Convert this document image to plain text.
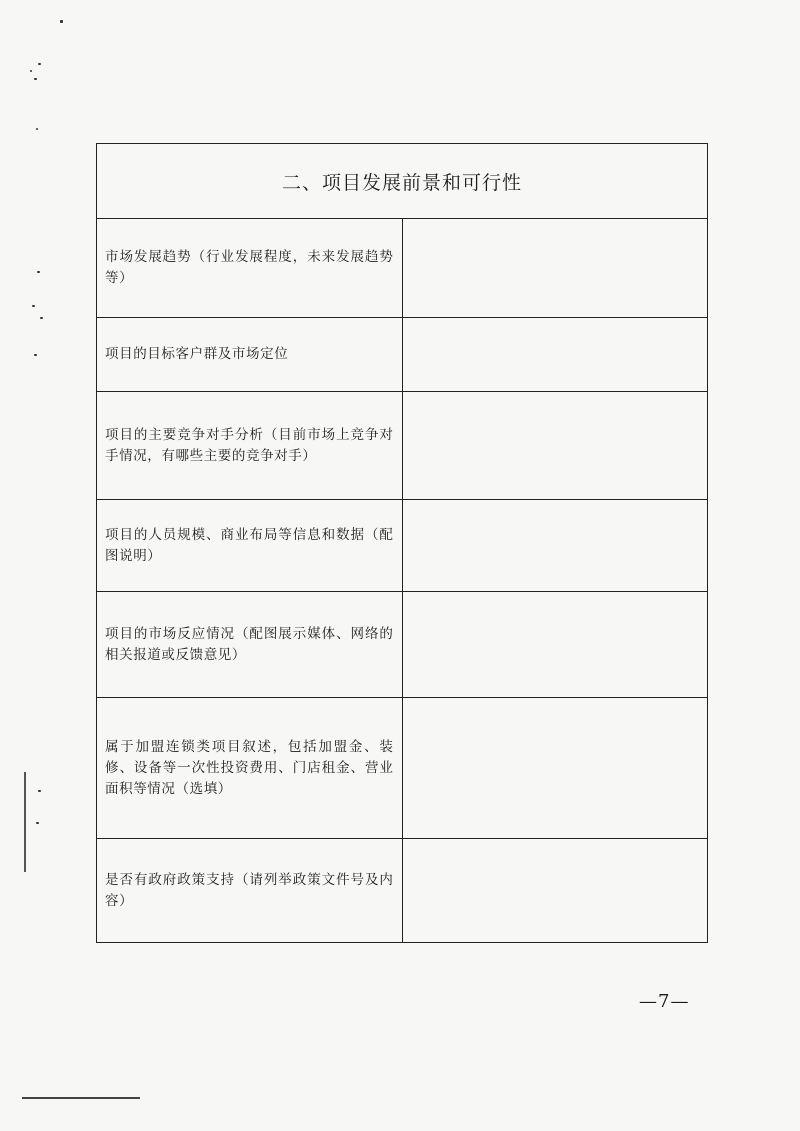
二、项目发展前景和可行性	
市场发展趋势（行业发展程度，未来发展趋势等）	
项目的目标客户群及市场定位	
项目的主要竞争对手分析（目前市场上竞争对手情况，有哪些主要的竞争对手）	
项目的人员规模、商业布局等信息和数据（配图说明）	
项目的市场反应情况（配图展示媒体、网络的相关报道或反馈意见）	
属于加盟连锁类项目叙述，包括加盟金、装修、设备等一次性投资费用、门店租金、营业面积等情况（选填）	
是否有政府政策支持（请列举政策文件号及内容）	
—7—
